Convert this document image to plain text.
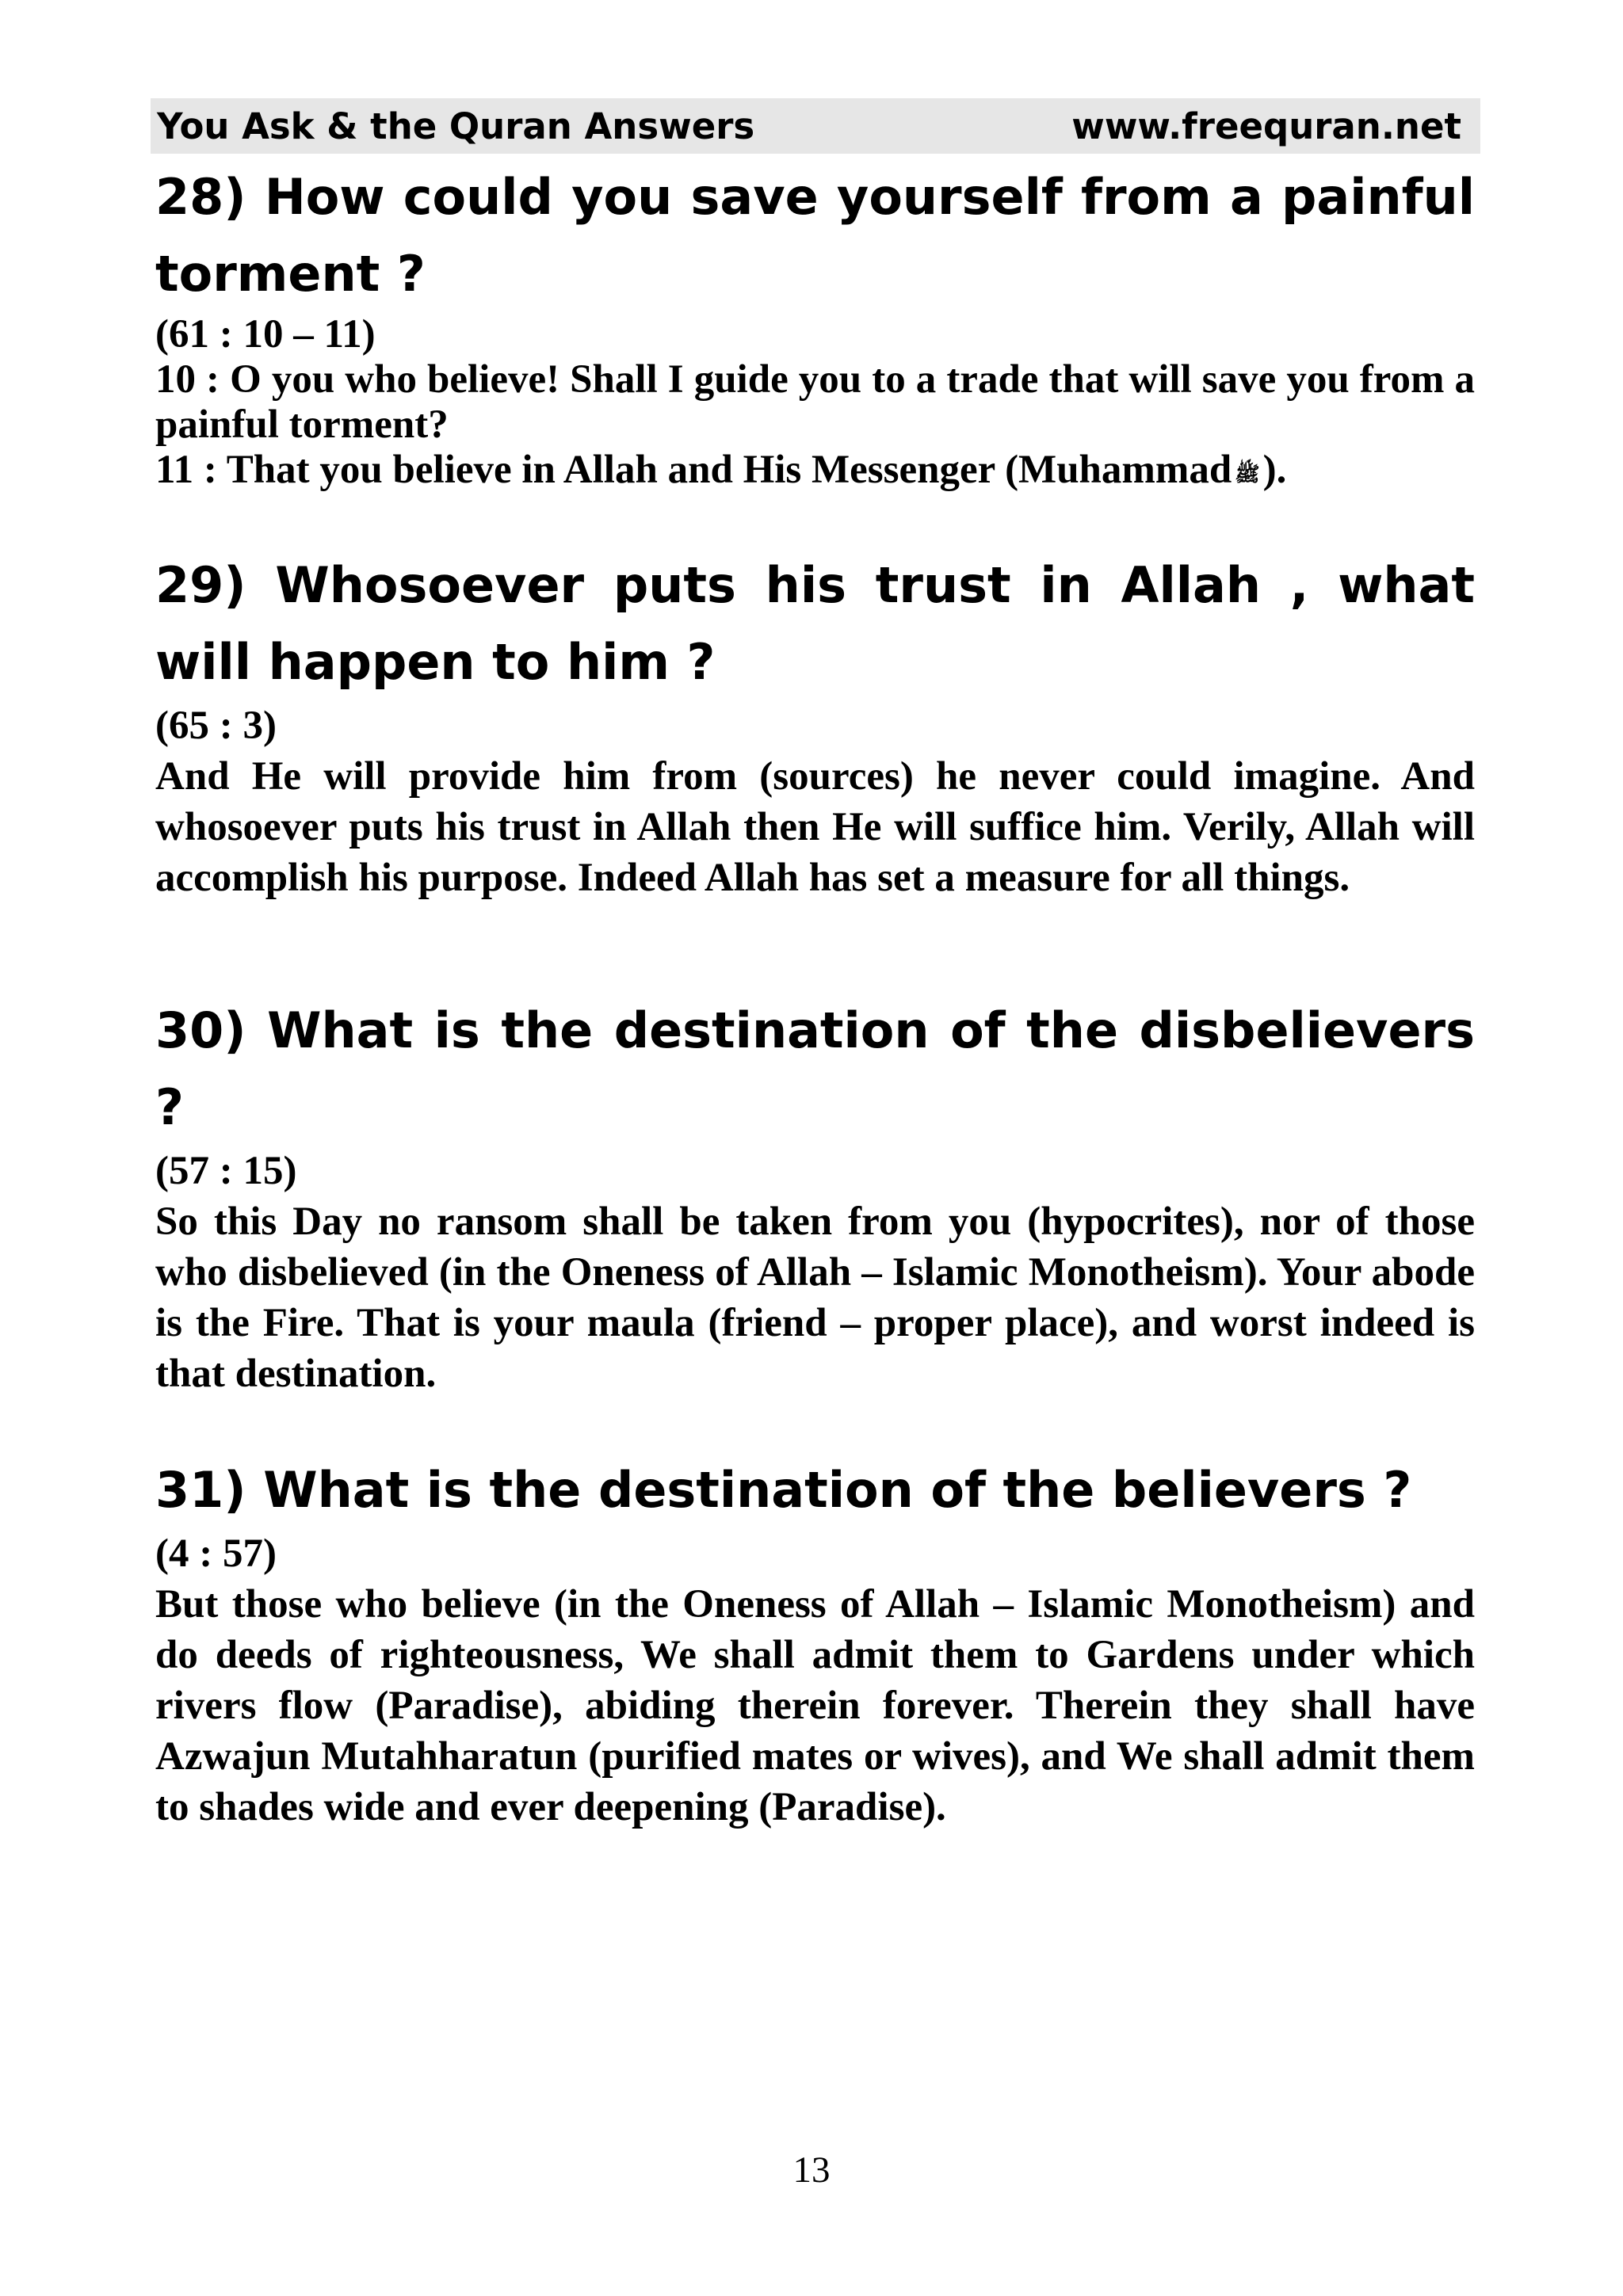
You Ask & the Quran Answers	www.freequran.net

28) How could you save yourself from a painful torment ?

(61 : 10 – 11)

10 : O you who believe! Shall I guide you to a trade that will save you from a painful torment?

11 : That you believe in Allah and His Messenger (Muhammad ﷺ).

29) Whosoever puts his trust in Allah , what will happen to him ?

(65 : 3)

And He will provide him from (sources) he never could imagine. And whosoever puts his trust in Allah then He will suffice him. Verily, Allah will accomplish his purpose. Indeed Allah has set a measure for all things.

30) What is the destination of the disbelievers ?

(57 : 15)

So this Day no ransom shall be taken from you (hypocrites), nor of those who disbelieved (in the Oneness of Allah – Islamic Monotheism). Your abode is the Fire. That is your maula (friend – proper place), and worst indeed is that destination.

31) What is the destination of the believers ?

(4 : 57)

But those who believe (in the Oneness of Allah – Islamic Monotheism) and do deeds of righteousness, We shall admit them to Gardens under which rivers flow (Paradise), abiding therein forever. Therein they shall have Azwajun Mutahharatun (purified mates or wives), and We shall admit them to shades wide and ever deepening (Paradise).

13
